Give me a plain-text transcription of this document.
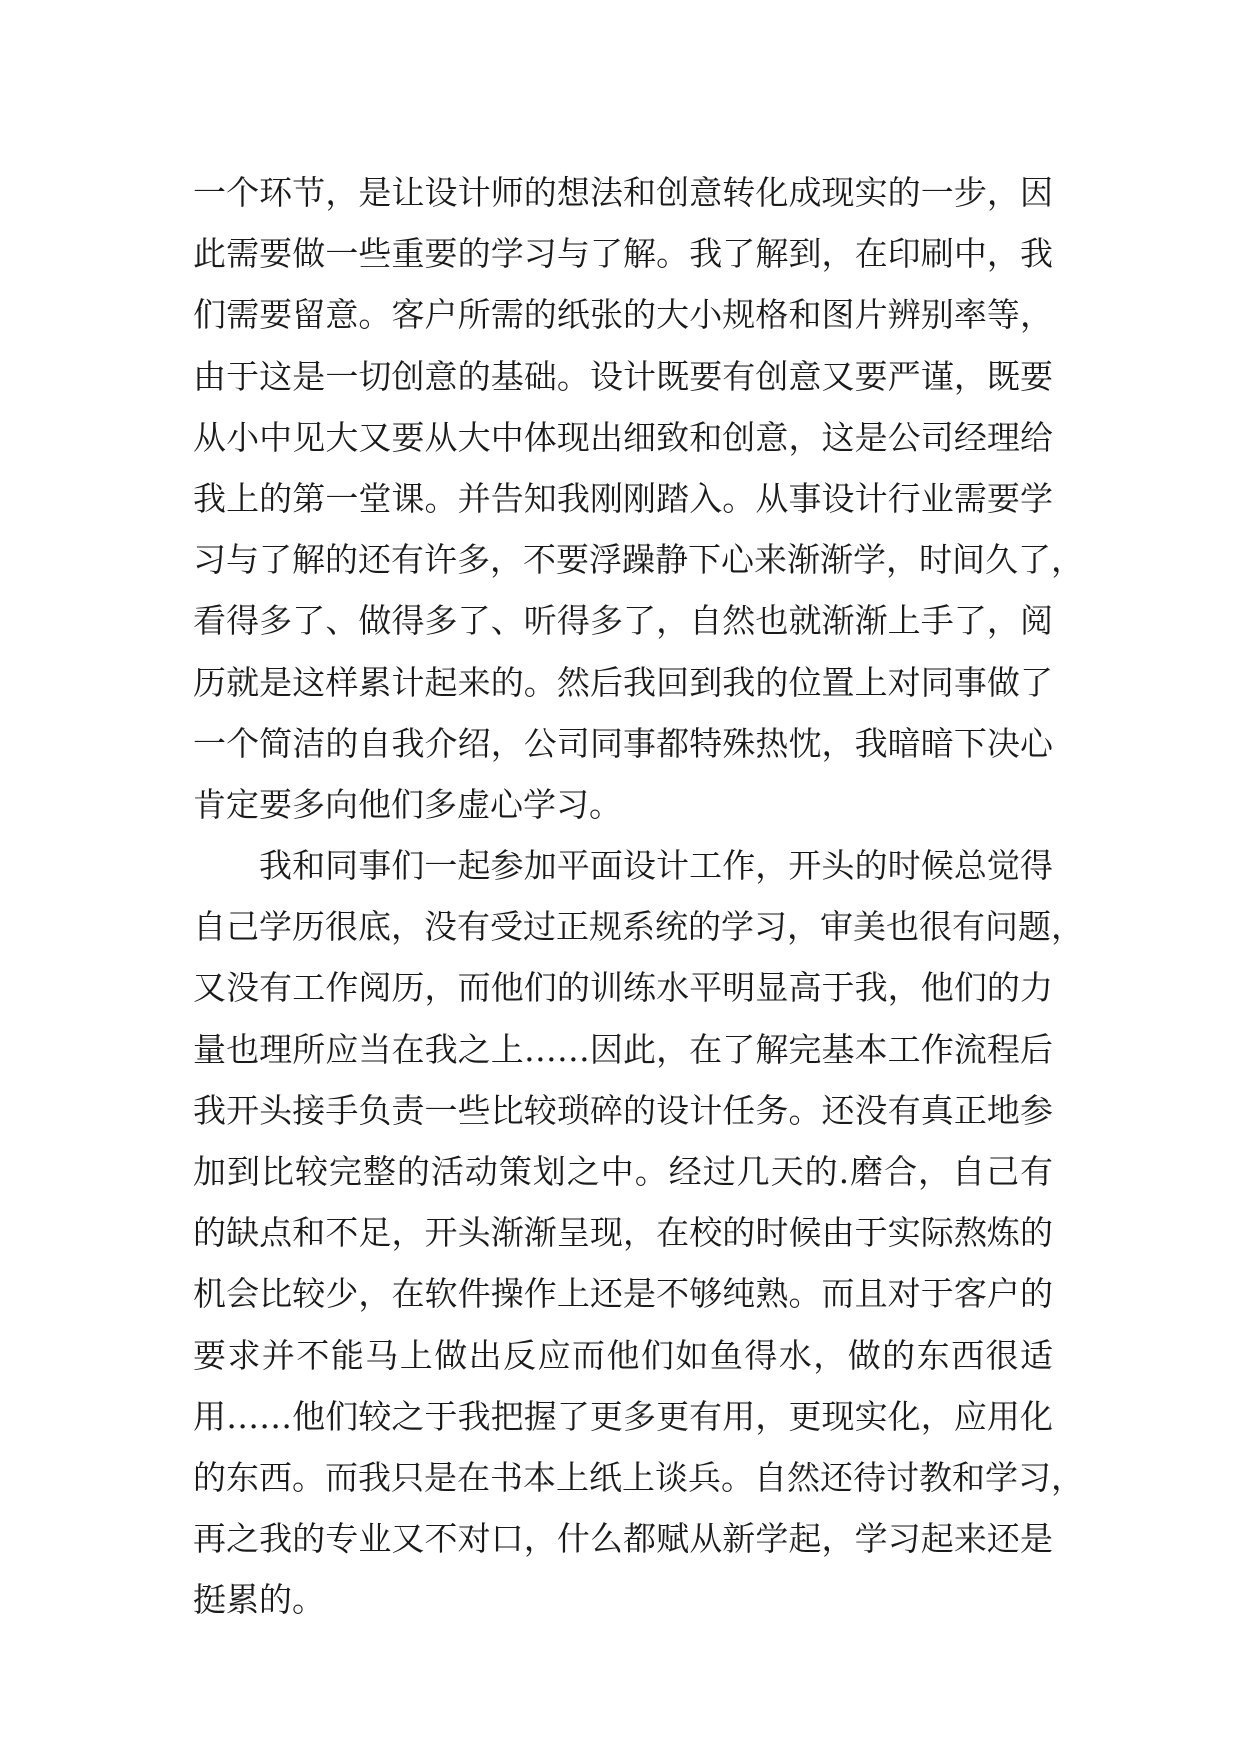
一个环节，是让设计师的想法和创意转化成现实的一步，因
此需要做一些重要的学习与了解。我了解到，在印刷中，我
们需要留意。客户所需的纸张的大小规格和图片辨别率等，
由于这是一切创意的基础。设计既要有创意又要严谨，既要
从小中见大又要从大中体现出细致和创意，这是公司经理给
我上的第一堂课。并告知我刚刚踏入。从事设计行业需要学
习与了解的还有许多，不要浮躁静下心来渐渐学，时间久了，
看得多了、做得多了、听得多了，自然也就渐渐上手了，阅
历就是这样累计起来的。然后我回到我的位置上对同事做了
一个简洁的自我介绍，公司同事都特殊热忱，我暗暗下决心
肯定要多向他们多虚心学习。
我和同事们一起参加平面设计工作，开头的时候总觉得
自己学历很底，没有受过正规系统的学习，审美也很有问题，
又没有工作阅历，而他们的训练水平明显高于我，他们的力
量也理所应当在我之上……因此，在了解完基本工作流程后
我开头接手负责一些比较琐碎的设计任务。还没有真正地参
加到比较完整的活动策划之中。经过几天的.磨合，自己有
的缺点和不足，开头渐渐呈现，在校的时候由于实际熬炼的
机会比较少，在软件操作上还是不够纯熟。而且对于客户的
要求并不能马上做出反应而他们如鱼得水，做的东西很适
用……他们较之于我把握了更多更有用，更现实化，应用化
的东西。而我只是在书本上纸上谈兵。自然还待讨教和学习，
再之我的专业又不对口，什么都赋从新学起，学习起来还是
挺累的。
